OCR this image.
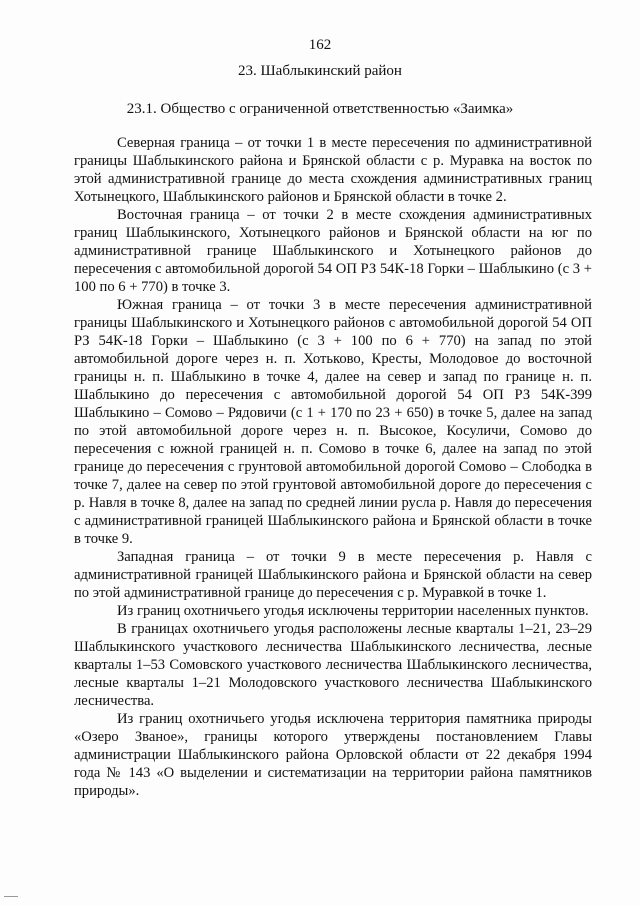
162
23. Шаблыкинский район
23.1. Общество с ограниченной ответственностью «Заимка»

Северная граница – от точки 1 в месте пересечения по административной границы Шаблыкинского района и Брянской области с р. Муравка на восток по этой административной границе до места схождения административных границ Хотынецкого, Шаблыкинского районов и Брянской области в точке 2.

Восточная граница – от точки 2 в месте схождения административных границ Шаблыкинского, Хотынецкого районов и Брянской области на юг по административной границе Шаблыкинского и Хотынецкого районов до пересечения с автомобильной дорогой 54 ОП РЗ 54К-18 Горки – Шаблыкино (с 3 + 100 по 6 + 770) в точке 3.

Южная граница – от точки 3 в месте пересечения административной границы Шаблыкинского и Хотынецкого районов с автомобильной дорогой 54 ОП РЗ 54К-18 Горки – Шаблыкино (с 3 + 100 по 6 + 770) на запад по этой автомобильной дороге через н. п. Хотьково, Кресты, Молодовое до восточной границы н. п. Шаблыкино в точке 4, далее на север и запад по границе н. п. Шаблыкино до пересечения с автомобильной дорогой 54 ОП РЗ 54К-399 Шаблыкино – Сомово – Рядовичи (с 1 + 170 по 23 + 650) в точке 5, далее на запад по этой автомобильной дороге через н. п. Высокое, Косуличи, Сомово до пересечения с южной границей н. п. Сомово в точке 6, далее на запад по этой границе до пересечения с грунтовой автомобильной дорогой Сомово – Слободка в точке 7, далее на север по этой грунтовой автомобильной дороге до пересечения с р. Навля в точке 8, далее на запад по средней линии русла р. Навля до пересечения с административной границей Шаблыкинского района и Брянской области в точке в точке 9.

Западная граница – от точки 9 в месте пересечения р. Навля с административной границей Шаблыкинского района и Брянской области на север по этой административной границе до пересечения с р. Муравкой в точке 1.

Из границ охотничьего угодья исключены территории населенных пунктов.

В границах охотничьего угодья расположены лесные кварталы 1–21, 23–29 Шаблыкинского участкового лесничества Шаблыкинского лесничества, лесные кварталы 1–53 Сомовского участкового лесничества Шаблыкинского лесничества, лесные кварталы 1–21 Молодовского участкового лесничества Шаблыкинского лесничества.

Из границ охотничьего угодья исключена территория памятника природы «Озеро Званое», границы которого утверждены постановлением Главы администрации Шаблыкинского района Орловской области от 22 декабря 1994 года № 143 «О выделении и систематизации на территории района памятников природы».
